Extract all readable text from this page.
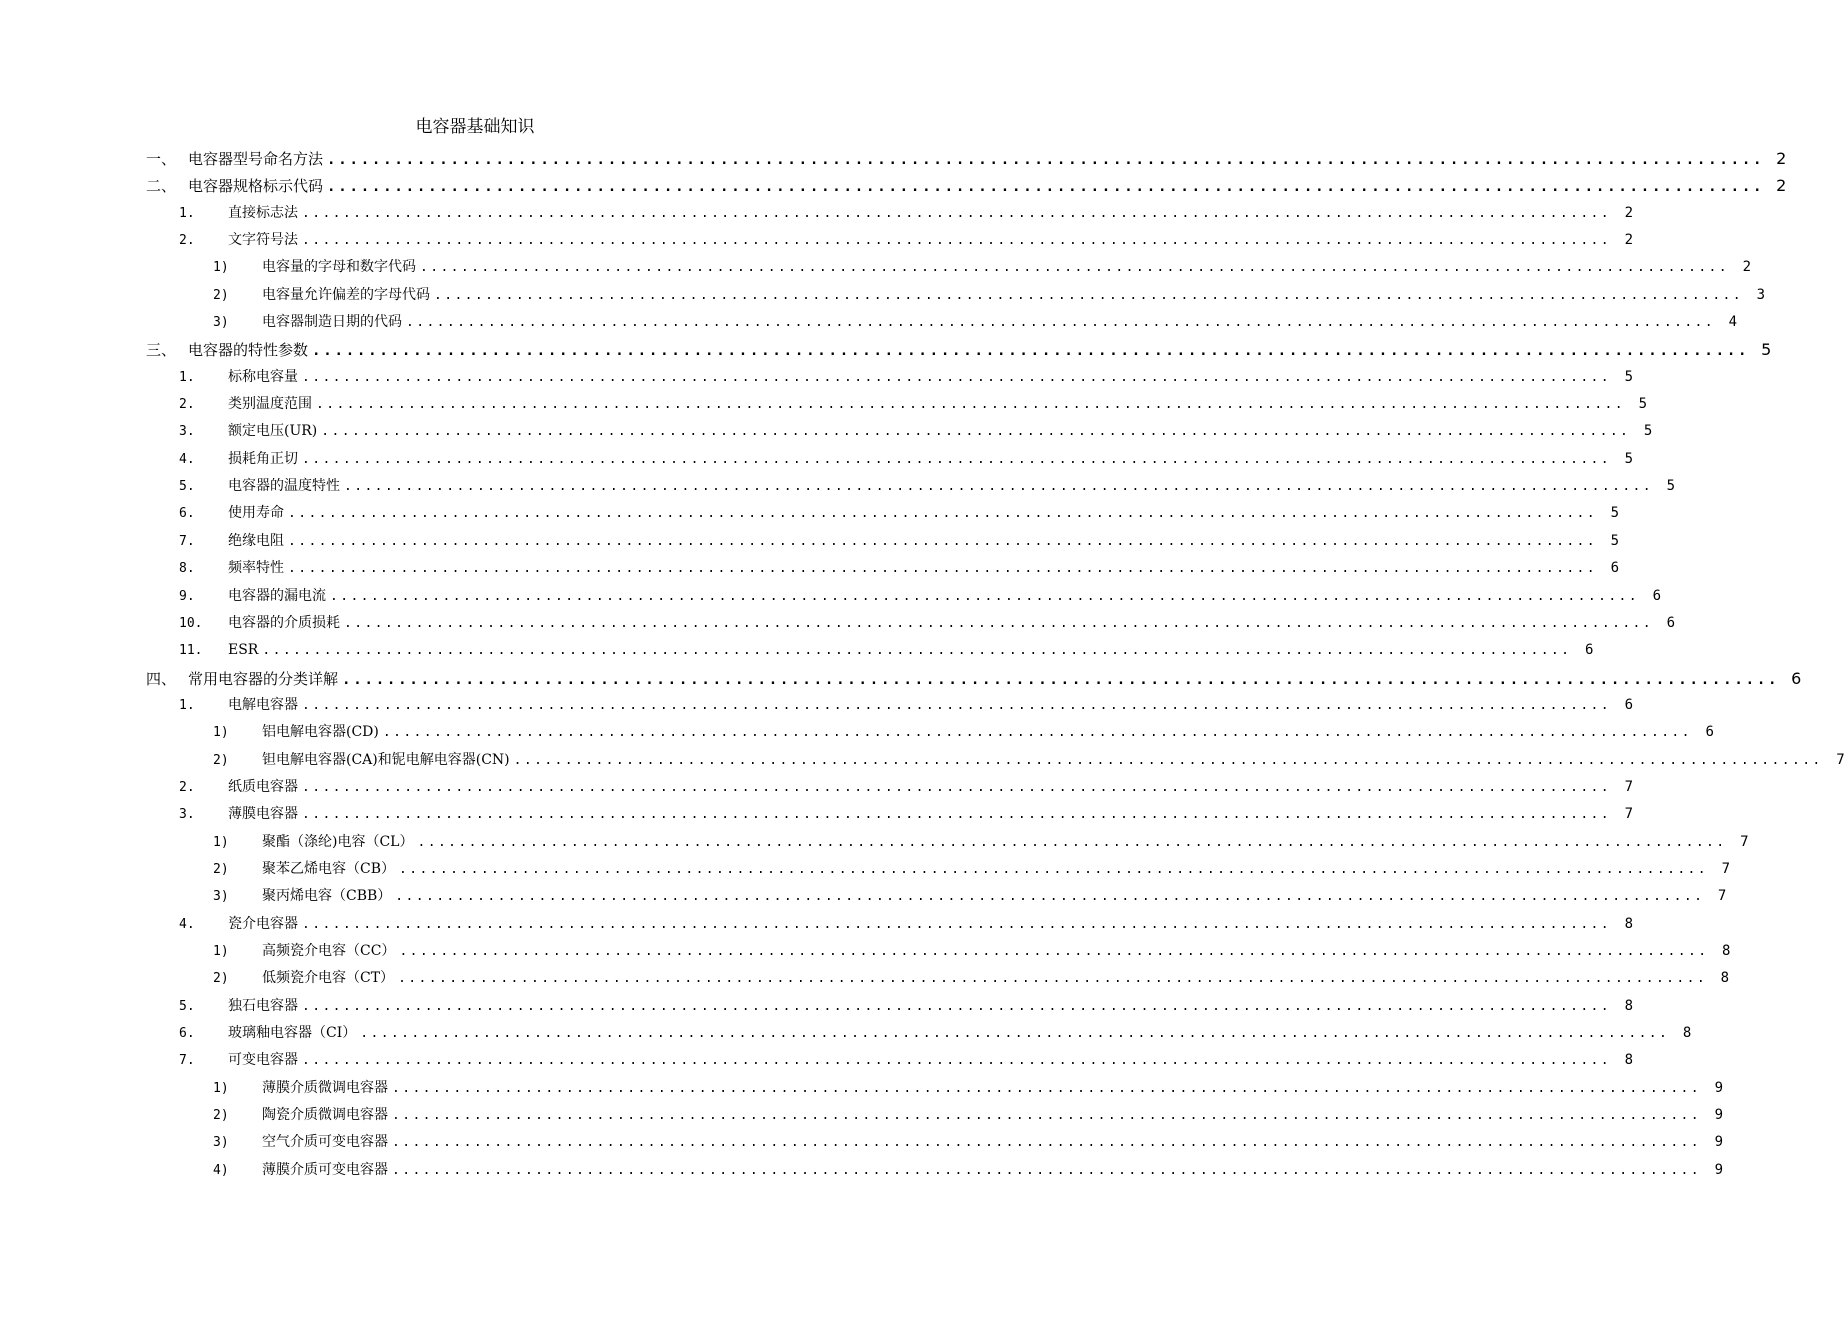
电容器基础知识
一、 电容器型号命名方法 ................................................................................................................................ 2
二、 电容器规格标示代码 ................................................................................................................................ 2
1.	直接标志法 ................................................................................................................................ 2
2.	文字符号法 ................................................................................................................................ 2
1)	电容量的字母和数字代码 ................................................................................................................................ 2
2)	电容量允许偏差的字母代码 ................................................................................................................................ 3
3)	电容器制造日期的代码 ................................................................................................................................ 4
三、 电容器的特性参数 ................................................................................................................................ 5
1.	标称电容量 ................................................................................................................................ 5
2.	类别温度范围 ................................................................................................................................ 5
3.	额定电压(UR) ................................................................................................................................ 5
4.	损耗角正切 ................................................................................................................................ 5
5.	电容器的温度特性 ................................................................................................................................ 5
6.	使用寿命 ................................................................................................................................ 5
7.	绝缘电阻 ................................................................................................................................ 5
8.	频率特性 ................................................................................................................................ 6
9.	电容器的漏电流 ................................................................................................................................ 6
10.	电容器的介质损耗 ................................................................................................................................ 6
11.	ESR ................................................................................................................................ 6
四、 常用电容器的分类详解 ................................................................................................................................ 6
1.	电解电容器 ................................................................................................................................ 6
1)	铝电解电容器(CD) ................................................................................................................................ 6
2)	钽电解电容器(CA)和铌电解电容器(CN) ................................................................................................................................ 7
2.	纸质电容器 ................................................................................................................................ 7
3.	薄膜电容器 ................................................................................................................................ 7
1)	聚酯（涤纶)电容（CL） ................................................................................................................................ 7
2)	聚苯乙烯电容（CB） ................................................................................................................................ 7
3)	聚丙烯电容（CBB） ................................................................................................................................ 7
4.	瓷介电容器 ................................................................................................................................ 8
1)	高频瓷介电容（CC） ................................................................................................................................ 8
2)	低频瓷介电容（CT） ................................................................................................................................ 8
5.	独石电容器 ................................................................................................................................ 8
6.	玻璃釉电容器（CI） ................................................................................................................................ 8
7.	可变电容器 ................................................................................................................................ 8
1)	薄膜介质微调电容器 ................................................................................................................................ 9
2)	陶瓷介质微调电容器 ................................................................................................................................ 9
3)	空气介质可变电容器 ................................................................................................................................ 9
4)	薄膜介质可变电容器 ................................................................................................................................ 9
